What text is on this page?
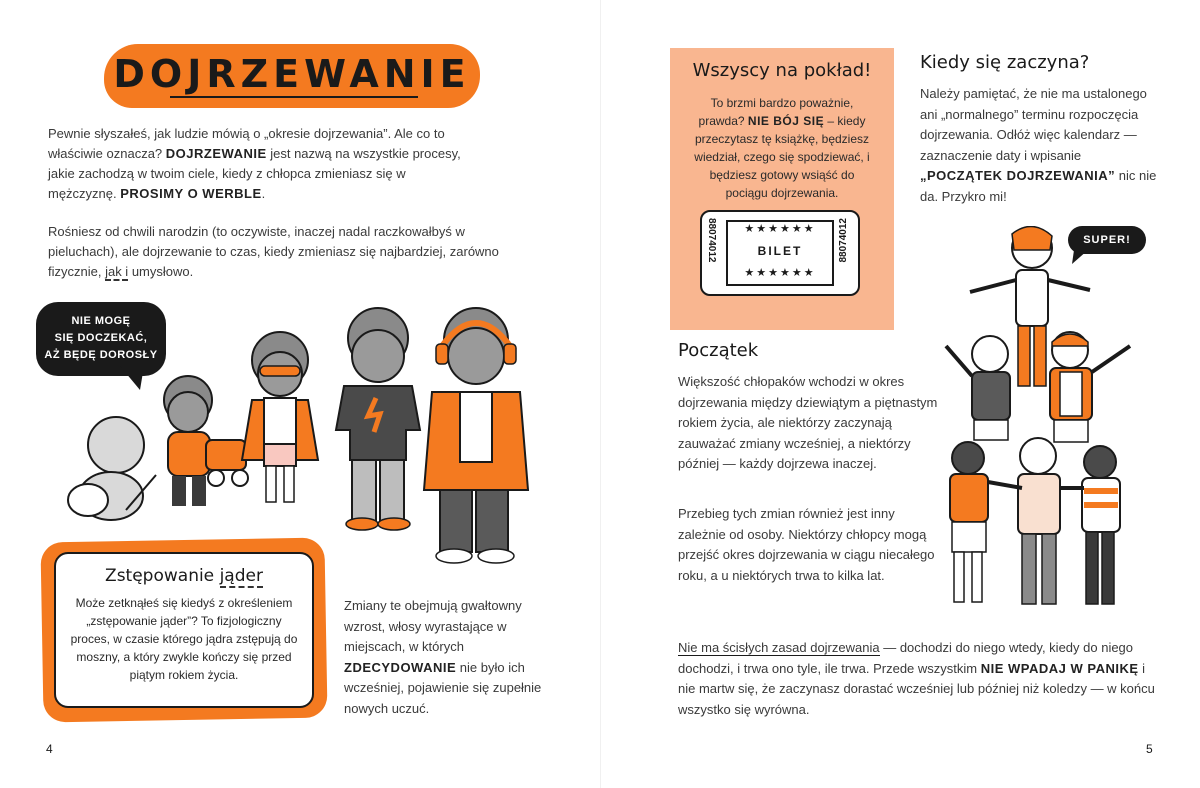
DOJRZEWANIE
Pewnie słyszałeś, jak ludzie mówią o „okresie dojrzewania”. Ale co to właściwie oznacza? DOJRZEWANIE jest nazwą na wszystkie procesy, jakie zachodzą w twoim ciele, kiedy z chłopca zmieniasz się w mężczyznę. PROSIMY O WERBLE.
Rośniesz od chwili narodzin (to oczywiste, inaczej nadal raczkowałbyś w pieluchach), ale dojrzewanie to czas, kiedy zmieniasz się najbardziej, zarówno fizycznie, jak i umysłowo.
NIE MOGĘ
SIĘ DOCZEKAĆ,
AŻ BĘDĘ DOROSŁY
Zstępowanie jąder
Może zetknąłeś się kiedyś z określeniem „zstępowanie jąder”? To fizjologiczny proces, w czasie którego jądra zstępują do moszny, a który zwykle kończy się przed piątym rokiem życia.
Zmiany te obejmują gwałtowny wzrost, włosy wyrastające w miejscach, w których ZDECYDOWANIE nie było ich wcześniej, pojawienie się zupełnie nowych uczuć.
4
Wszyscy na pokład!
To brzmi bardzo poważnie, prawda? NIE BÓJ SIĘ – kiedy przeczytasz tę książkę, będziesz wiedział, czego się spodziewać, i będziesz gotowy wsiąść do pociągu dojrzewania.
★★★★★★
BILET
★★★★★★
88074012	88074012
Kiedy się zaczyna?
Należy pamiętać, że nie ma ustalonego ani „normalnego” terminu rozpoczęcia dojrzewania. Odłóż więc kalendarz — zaznaczenie daty i wpisanie „POCZĄTEK DOJRZEWANIA” nic nie da. Przykro mi!
SUPER!
Początek
Większość chłopaków wchodzi w okres dojrzewania między dziewiątym a piętnastym rokiem życia, ale niektórzy zaczynają zauważać zmiany wcześniej, a niektórzy później — każdy dojrzewa inaczej.
Przebieg tych zmian również jest inny zależnie od osoby. Niektórzy chłopcy mogą przejść okres dojrzewania w ciągu niecałego roku, a u niektórych trwa to kilka lat.
Nie ma ścisłych zasad dojrzewania — dochodzi do niego wtedy, kiedy do niego dochodzi, i trwa ono tyle, ile trwa. Przede wszystkim NIE WPADAJ W PANIKĘ i nie martw się, że zaczynasz dorastać wcześniej lub później niż koledzy — w końcu wszystko się wyrówna.
5
